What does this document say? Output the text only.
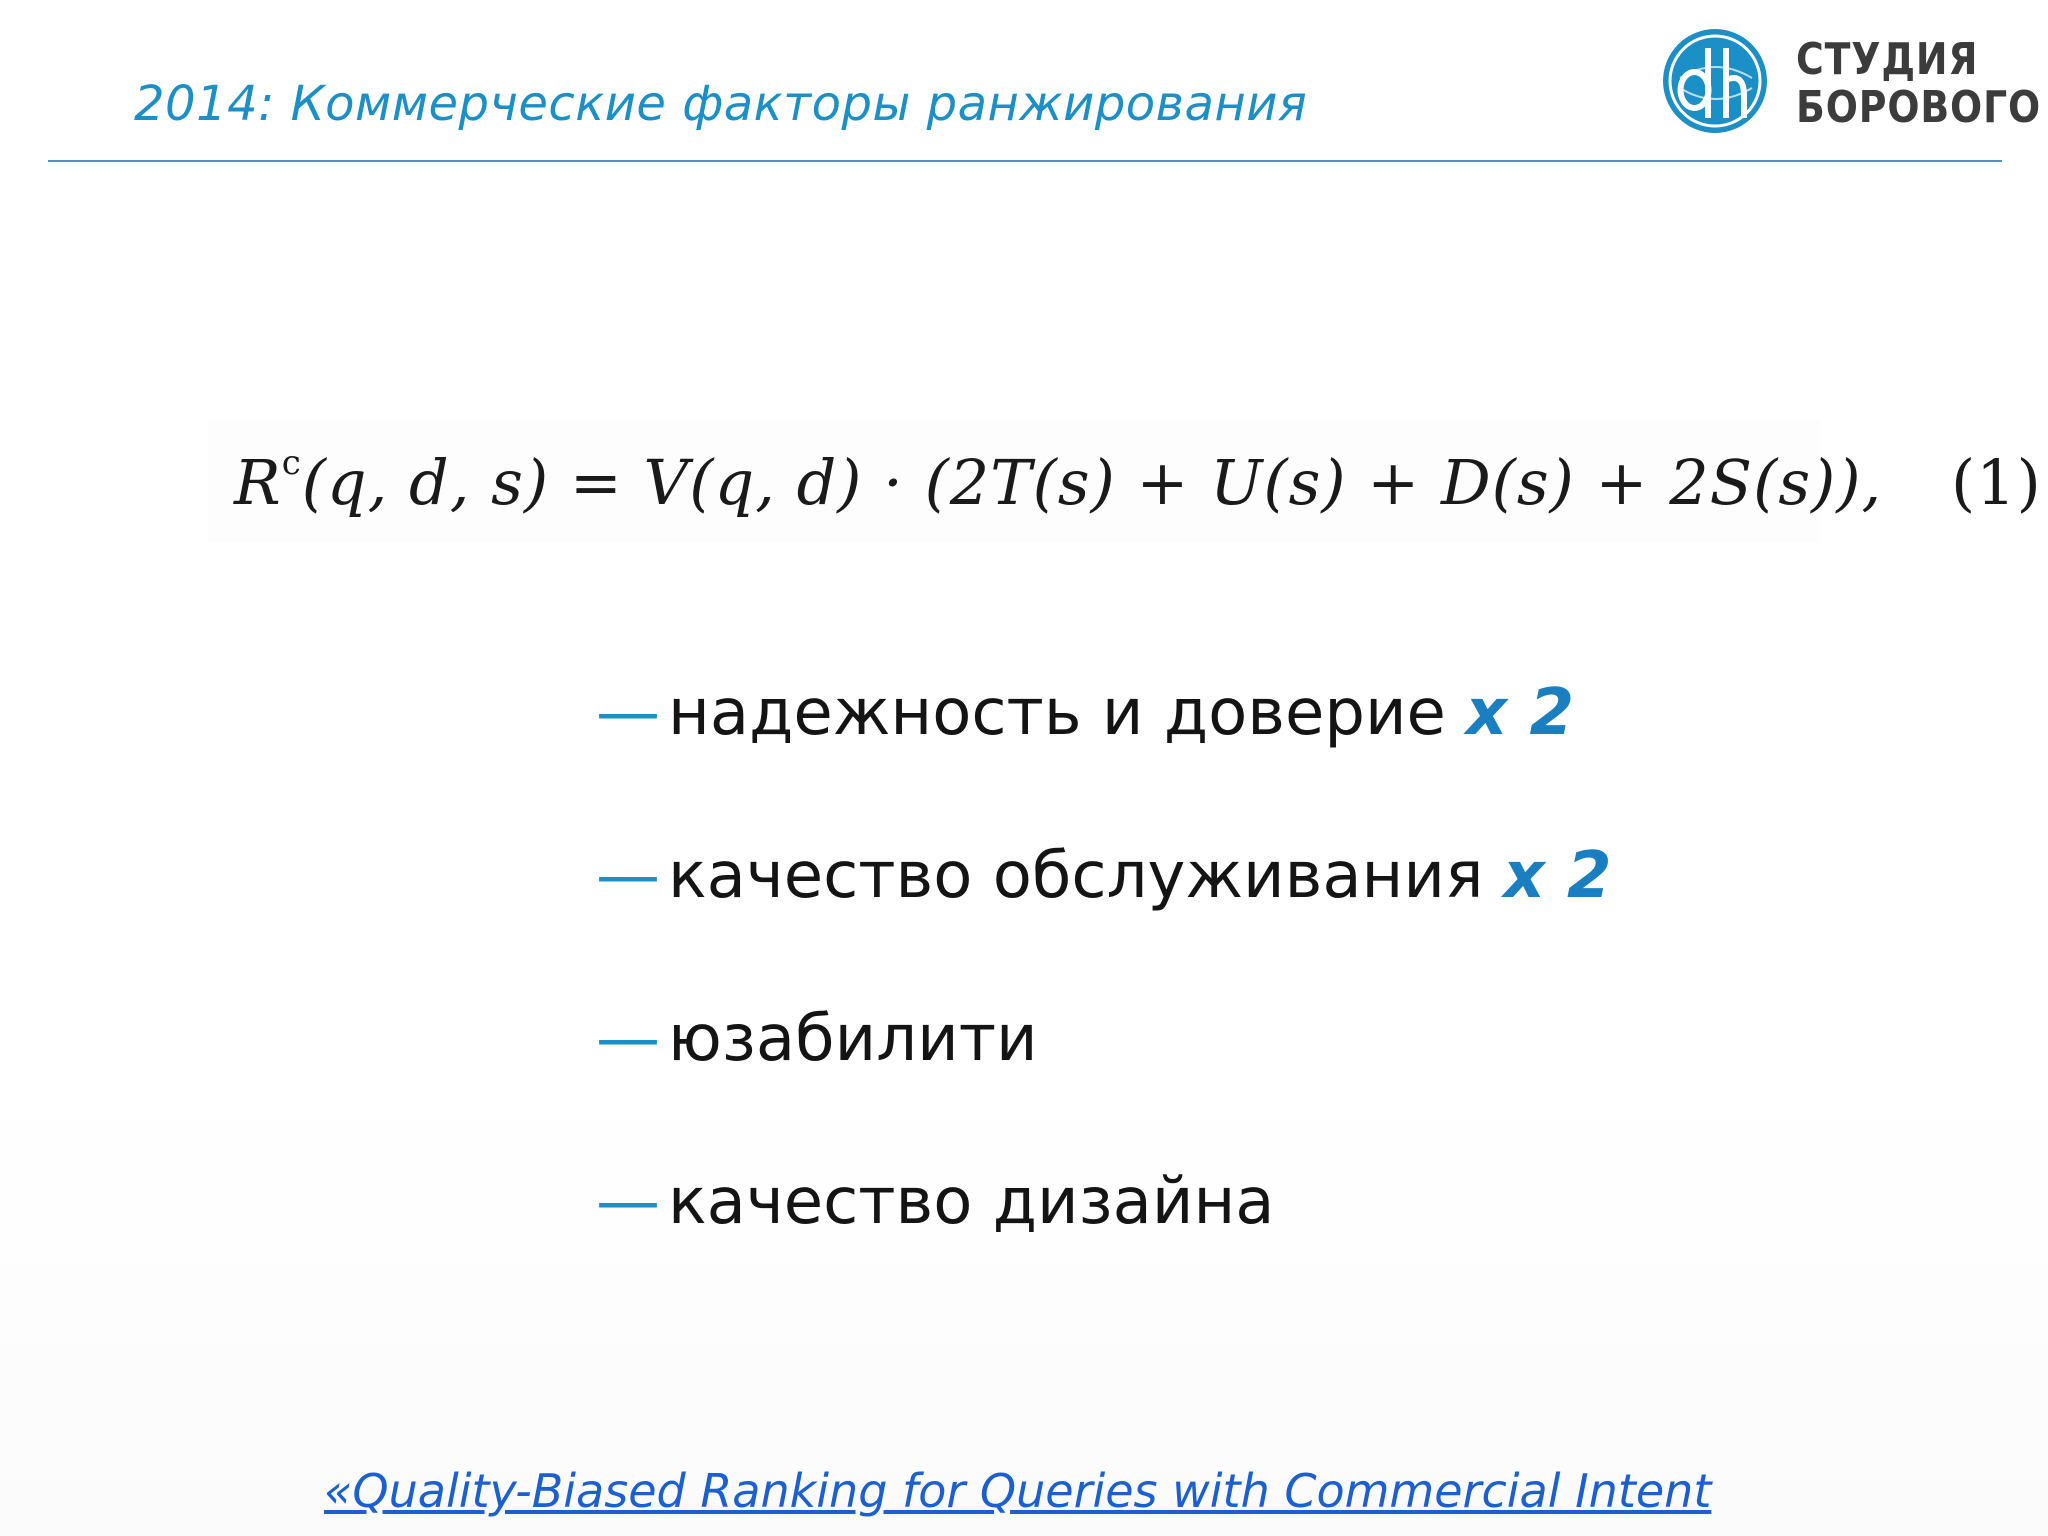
2014: Коммерческие факторы ранжирования
СТУДИЯ
БОРОВОГО
$R^c(q$, d, s) = V(q, d) · (2T(s) + U(s) + D(s) + 2S(s)), (1)
— надежность и доверие x 2
— качество обслуживания x 2
— юзабилити
— качество дизайна
«Quality-Biased Ranking for Queries with Commercial Intent
